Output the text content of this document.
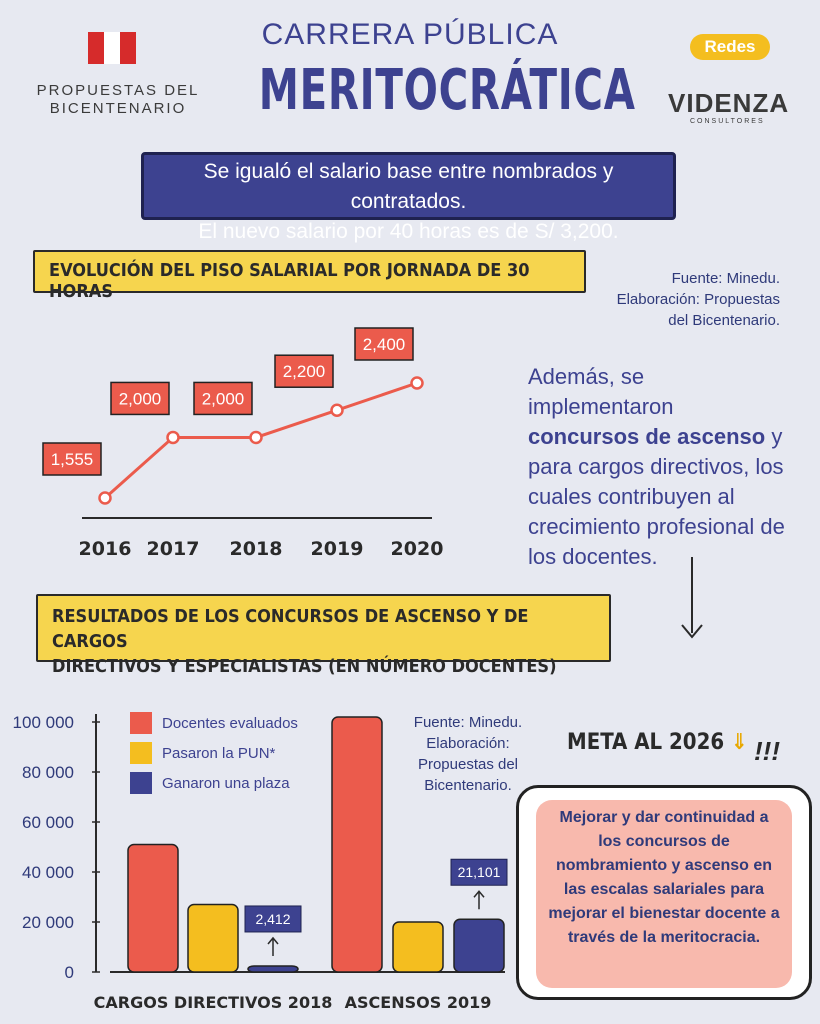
PROPUESTAS DEL
BICENTENARIO
CARRERA PÚBLICA
MERITOCRÁTICA
Redes
VIDENZA
CONSULTORES
Se igualó el salario base entre nombrados y contratados.
El nuevo salario por 40 horas es de S/ 3,200.
EVOLUCIÓN DEL PISO SALARIAL POR JORNADA DE 30 HORAS
Fuente: Minedu.
Elaboración: Propuestas
del Bicentenario.
1,555
2016
2,000
2017
2,000
2018
2,200
2019
2,400
2020
Además, se implementaron concursos de ascenso y para cargos directivos, los cuales contribuyen al crecimiento profesional de los docentes.
RESULTADOS DE LOS CONCURSOS DE ASCENSO Y DE CARGOS
DIRECTIVOS Y ESPECIALISTAS (EN NÚMERO DOCENTES)
Docentes evaluados
Pasaron la PUN*
Ganaron una plaza
Fuente: Minedu.
Elaboración:
Propuestas del
Bicentenario.
0
20 000
40 000
60 000
80 000
100 000
2,412
CARGOS DIRECTIVOS 2018
21,101
ASCENSOS 2019
META AL 2026 ⇓ !!!
Mejorar y dar continuidad a los concursos de nombramiento y ascenso en las escalas salariales para mejorar el bienestar docente a través de la meritocracia.
